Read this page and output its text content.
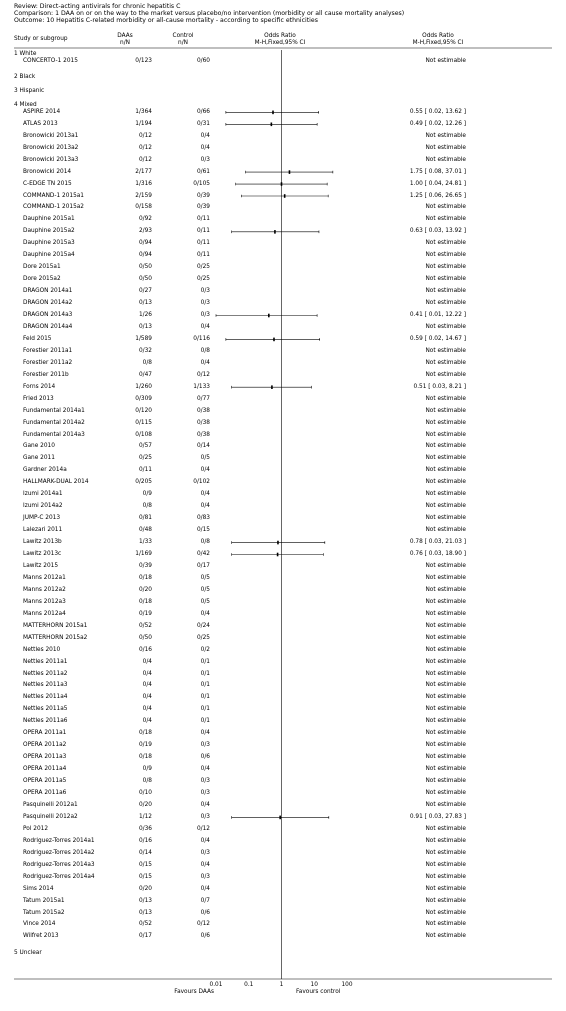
Review: Direct-acting antivirals for chronic hepatitis C
Comparison: 1 DAA on or on the way to the market versus placebo/no intervention (morbidity or all cause mortality analyses)
Outcome: 10 Hepatitis C-related morbidity or all-cause mortality - according to specific ethnicities
Study or subgroup	DAAs
n/N
Control
n/N
Odds Ratio
M-H,Fixed,95% CI
Odds Ratio
M-H,Fixed,95% CI
1 White
CONCERTO-1 2015	0/123	0/60	Not estimable
2 Black
3 Hispanic
4 Mixed
ASPIRE 2014	1/364	0/66	0.55 [ 0.02, 13.62 ]
ATLAS 2013	1/194	0/31	0.49 [ 0.02, 12.26 ]
Bronowicki 2013a1	0/12	0/4	Not estimable
Bronowicki 2013a2	0/12	0/4	Not estimable
Bronowicki 2013a3	0/12	0/3	Not estimable
Bronowicki 2014	2/177	0/61	1.75 [ 0.08, 37.01 ]
C-EDGE TN 2015	1/316	0/105	1.00 [ 0.04, 24.81 ]
COMMAND-1 2015a1	2/159	0/39	1.25 [ 0.06, 26.65 ]
COMMAND-1 2015a2	0/158	0/39	Not estimable
Dauphine 2015a1	0/92	0/11	Not estimable
Dauphine 2015a2	2/93	0/11	0.63 [ 0.03, 13.92 ]
Dauphine 2015a3	0/94	0/11	Not estimable
Dauphine 2015a4	0/94	0/11	Not estimable
Dore 2015a1	0/50	0/25	Not estimable
Dore 2015a2	0/50	0/25	Not estimable
DRAGON 2014a1	0/27	0/3	Not estimable
DRAGON 2014a2	0/13	0/3	Not estimable
DRAGON 2014a3	1/26	0/3	0.41 [ 0.01, 12.22 ]
DRAGON 2014a4	0/13	0/4	Not estimable
Feld 2015	1/589	0/116	0.59 [ 0.02, 14.67 ]
Forestier 2011a1	0/32	0/8	Not estimable
Forestier 2011a2	0/8	0/4	Not estimable
Forestier 2011b	0/47	0/12	Not estimable
Forns 2014	1/260	1/133	0.51 [ 0.03, 8.21 ]
Fried 2013	0/309	0/77	Not estimable
Fundamental 2014a1	0/120	0/38	Not estimable
Fundamental 2014a2	0/115	0/38	Not estimable
Fundamental 2014a3	0/108	0/38	Not estimable
Gane 2010	0/57	0/14	Not estimable
Gane 2011	0/25	0/5	Not estimable
Gardner 2014a	0/11	0/4	Not estimable
HALLMARK-DUAL 2014	0/205	0/102	Not estimable
Izumi 2014a1	0/9	0/4	Not estimable
Izumi 2014a2	0/8	0/4	Not estimable
JUMP-C 2013	0/81	0/83	Not estimable
Lalezari 2011	0/48	0/15	Not estimable
Lawitz 2013b	1/33	0/8	0.78 [ 0.03, 21.03 ]
Lawitz 2013c	1/169	0/42	0.76 [ 0.03, 18.90 ]
Lawitz 2015	0/39	0/17	Not estimable
Manns 2012a1	0/18	0/5	Not estimable
Manns 2012a2	0/20	0/5	Not estimable
Manns 2012a3	0/18	0/5	Not estimable
Manns 2012a4	0/19	0/4	Not estimable
MATTERHORN 2015a1	0/52	0/24	Not estimable
MATTERHORN 2015a2	0/50	0/25	Not estimable
Nettles 2010	0/16	0/2	Not estimable
Nettles 2011a1	0/4	0/1	Not estimable
Nettles 2011a2	0/4	0/1	Not estimable
Nettles 2011a3	0/4	0/1	Not estimable
Nettles 2011a4	0/4	0/1	Not estimable
Nettles 2011a5	0/4	0/1	Not estimable
Nettles 2011a6	0/4	0/1	Not estimable
OPERA 2011a1	0/18	0/4	Not estimable
OPERA 2011a2	0/19	0/3	Not estimable
OPERA 2011a3	0/18	0/6	Not estimable
OPERA 2011a4	0/9	0/4	Not estimable
OPERA 2011a5	0/8	0/3	Not estimable
OPERA 2011a6	0/10	0/3	Not estimable
Pasquinelli 2012a1	0/20	0/4	Not estimable
Pasquinelli 2012a2	1/12	0/3	0.91 [ 0.03, 27.83 ]
Pol 2012	0/36	0/12	Not estimable
Rodriguez-Torres 2014a1	0/16	0/4	Not estimable
Rodriguez-Torres 2014a2	0/14	0/3	Not estimable
Rodriguez-Torres 2014a3	0/15	0/4	Not estimable
Rodriguez-Torres 2014a4	0/15	0/3	Not estimable
Sims 2014	0/20	0/4	Not estimable
Tatum 2015a1	0/13	0/7	Not estimable
Tatum 2015a2	0/13	0/6	Not estimable
Vince 2014	0/52	0/12	Not estimable
Wilfret 2013	0/17	0/6	Not estimable
5 Unclear
0.01	0.1	1	10	100
Favours DAAs	Favours control
